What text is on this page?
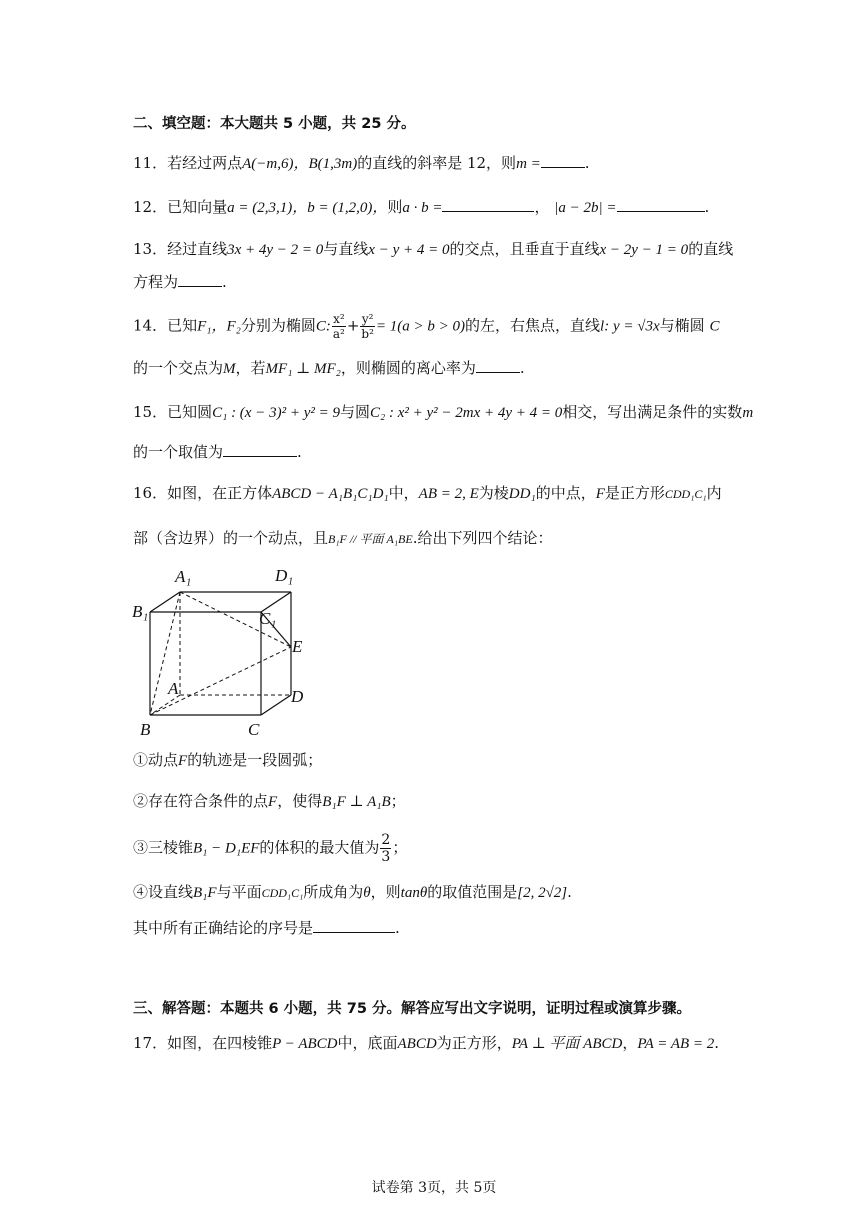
二、填空题：本大题共 5 小题，共 25 分。
11．若经过两点A(−m,6)，B(1,3m)的直线的斜率是 12，则m =	.
12．已知向量a = (2,3,1)，b = (1,2,0)，则a · b =	， |a − 2b| =	.
13．经过直线3x + 4y − 2 = 0与直线x − y + 4 = 0的交点，且垂直于直线x − 2y − 1 = 0的直线
方程为	.
14．已知F₁，F₂分别为椭圆C: $\frac{\text{x²}}{\text{a²}} + \frac{\text{y²}}{\text{b²}} = 1(a > b > 0)$的左，右焦点，直线l: y = √3x与椭圆 C
的一个交点为M，若MF₁ ⊥ MF₂，则椭圆的离心率为	.
15．已知圆C₁ : (x − 3)² + y² = 9与圆C₂ : x² + y² − 2mx + 4y + 4 = 0相交，写出满足条件的实数m
的一个取值为	.
16．如图，在正方体ABCD − A₁B₁C₁D₁中，AB = 2, E为棱DD₁的中点，F是正方形CDD₁C₁内
部（含边界）的一个动点，且B₁F // 平面 A₁BE.给出下列四个结论：
A₁	D₁
B₁	C₁
E
A	D
B	C
①动点F的轨迹是一段圆弧；
②存在符合条件的点F，使得B₁F ⊥ A₁B；
③三棱锥B₁ − D₁EF的体积的最大值为 $\frac{2}{3}$ ；
④设直线B₁F与平面CDD₁C₁所成角为θ，则tanθ的取值范围是[2, 2√2].
其中所有正确结论的序号是	.
三、解答题：本题共 6 小题，共 75 分。解答应写出文字说明，证明过程或演算步骤。
17．如图，在四棱锥P − ABCD中，底面ABCD为正方形，PA ⊥ 平面 ABCD，PA = AB = 2.
试卷第 3页，共 5页
